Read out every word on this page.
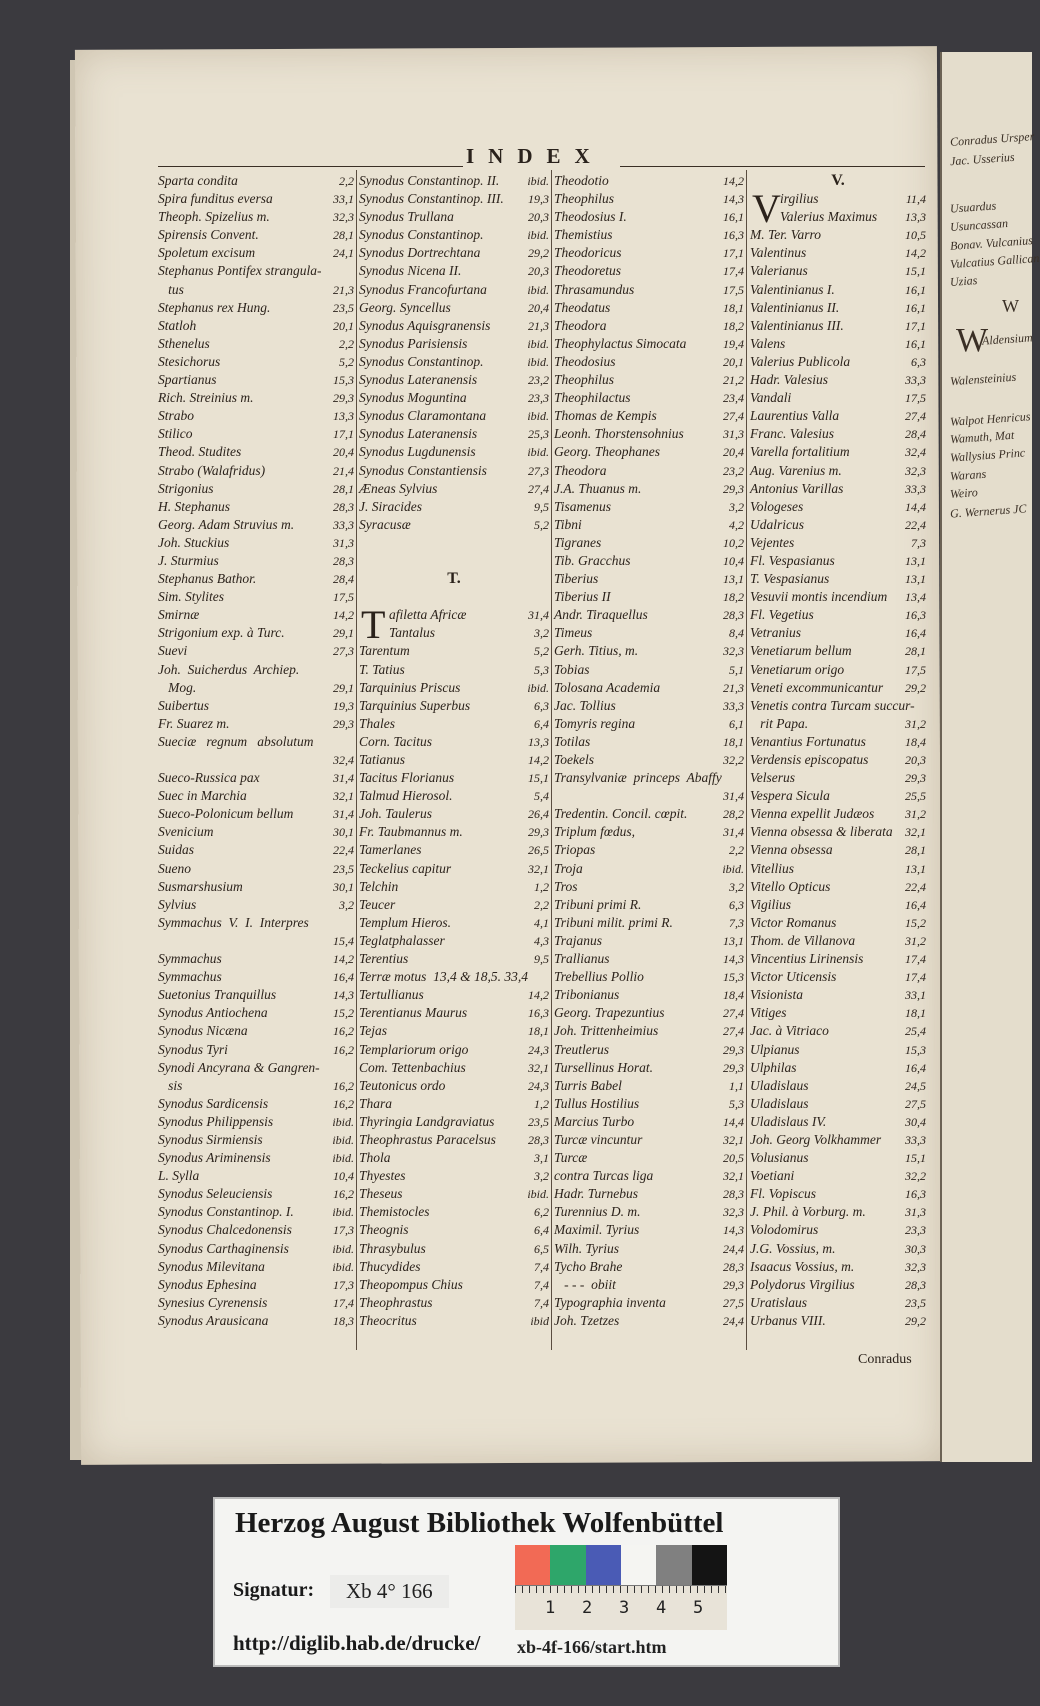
Conradus Ursper
Jac. Usserius
Usuardus
Usuncassan
Bonav. Vulcanius
Vulcatius Gallican
Uzias
W
Aldensium
Walensteinius
Walpot Henricus
Wamuth, Mat
Wallysius Princ
Warans
Weiro
G. Wernerus JC
W
INDEX
Sparta condita	2,2
Spira funditus eversa	33,1
Theoph. Spizelius m.	32,3
Spirensis Convent.	28,1
Spoletum excisum	24,1
Stephanus Pontifex strangula-
tus	21,3
Stephanus rex Hung.	23,5
Statloh	20,1
Sthenelus	2,2
Stesichorus	5,2
Spartianus	15,3
Rich. Streinius m.	29,3
Strabo	13,3
Stilico	17,1
Theod. Studites	20,4
Strabo (Walafridus)	21,4
Strigonius	28,1
H. Stephanus	28,3
Georg. Adam Struvius m.	33,3
Joh. Stuckius	31,3
J. Sturmius	28,3
Stephanus Bathor.	28,4
Sim. Stylites	17,5
Smirnæ	14,2
Strigonium exp. à Turc.	29,1
Suevi	27,3
Joh.  Suicherdus  Archiep.
Mog.	29,1
Suibertus	19,3
Fr. Suarez m.	29,3
Sueciæ   regnum   absolutum
32,4
Sueco-Russica pax	31,4
Suec in Marchia	32,1
Sueco-Polonicum bellum	31,4
Svenicium	30,1
Suidas	22,4
Sueno	23,5
Susmarshusium	30,1
Sylvius	3,2
Symmachus  V.  I.  Interpres
15,4
Symmachus	14,2
Symmachus	16,4
Suetonius Tranquillus	14,3
Synodus Antiochena	15,2
Synodus Nicæna	16,2
Synodus Tyri	16,2
Synodi Ancyrana & Gangren-
sis	16,2
Synodus Sardicensis	16,2
Synodus Philippensis	ibid.
Synodus Sirmiensis	ibid.
Synodus Ariminensis	ibid.
L. Sylla	10,4
Synodus Seleuciensis	16,2
Synodus Constantinop. I.	ibid.
Synodus Chalcedonensis	17,3
Synodus Carthaginensis	ibid.
Synodus Milevitana	ibid.
Synodus Ephesina	17,3
Synesius Cyrenensis	17,4
Synodus Arausicana	18,3
Synodus Constantinop. II. ibid.
Synodus Constantinop. III. 19,3
Synodus Trullana	20,3
Synodus Constantinop.	ibid.
Synodus Dortrechtana	29,2
Synodus Nicena II.	20,3
Synodus Francofurtana	ibid.
Georg. Syncellus	20,4
Synodus Aquisgranensis	21,3
Synodus Parisiensis	ibid.
Synodus Constantinop.	ibid.
Synodus Lateranensis	23,2
Synodus Moguntina	23,3
Synodus Claramontana	ibid.
Synodus Lateranensis	25,3
Synodus Lugdunensis	ibid.
Synodus Constantiensis	27,3
Æneas Sylvius	27,4
J. Siracides	9,5
Syracusæ	5,2
T.
T afiletta Africæ	31,4
Tantalus	3,2
Tarentum	5,2
T. Tatius	5,3
Tarquinius Priscus	ibid.
Tarquinius Superbus	6,3
Thales	6,4
Corn. Tacitus	13,3
Tatianus	14,2
Tacitus Florianus	15,1
Talmud Hierosol.	5,4
Joh. Taulerus	26,4
Fr. Taubmannus m.	29,3
Tamerlanes	26,5
Teckelius capitur	32,1
Telchin	1,2
Teucer	2,2
Templum Hieros.	4,1
Teglatphalasser	4,3
Terentius	9,5
Terræ motus  13,4 & 18,5. 33,4
Tertullianus	14,2
Terentianus Maurus	16,3
Tejas	18,1
Templariorum origo	24,3
Com. Tettenbachius	32,1
Teutonicus ordo	24,3
Thara	1,2
Thyringia Landgraviatus	23,5
Theophrastus Paracelsus	28,3
Thola	3,1
Thyestes	3,2
Theseus	ibid.
Themistocles	6,2
Theognis	6,4
Thrasybulus	6,5
Thucydides	7,4
Theopompus Chius	7,4
Theophrastus	7,4
Theocritus	ibid
Theodotio	14,2
Theophilus	14,3
Theodosius I.	16,1
Themistius	16,3
Theodoricus	17,1
Theodoretus	17,4
Thrasamundus	17,5
Theodatus	18,1
Theodora	18,2
Theophylactus Simocata	19,4
Theodosius	20,1
Theophilus	21,2
Theophilactus	23,4
Thomas de Kempis	27,4
Leonh. Thorstensohnius	31,3
Georg. Theophanes	20,4
Theodora	23,2
J.A. Thuanus m.	29,3
Tisamenus	3,2
Tibni	4,2
Tigranes	10,2
Tib. Gracchus	10,4
Tiberius	13,1
Tiberius II	18,2
Andr. Tiraquellus	28,3
Timeus	8,4
Gerh. Titius, m.	32,3
Tobias	5,1
Tolosana Academia	21,3
Jac. Tollius	33,3
Tomyris regina	6,1
Totilas	18,1
Toekels	32,2
Transylvaniæ  princeps  Abaffy
31,4
Tredentin. Concil. cœpit.	28,2
Triplum fœdus,	31,4
Triopas	2,2
Troja	ibid.
Tros	3,2
Tribuni primi R.	6,3
Tribuni milit. primi R.	7,3
Trajanus	13,1
Trallianus	14,3
Trebellius Pollio	15,3
Tribonianus	18,4
Georg. Trapezuntius	27,4
Joh. Trittenheimius	27,4
Treutlerus	29,3
Tursellinus Horat.	29,3
Turris Babel	1,1
Tullus Hostilius	5,3
Marcius Turbo	14,4
Turcæ vincuntur	32,1
Turcæ	20,5
contra Turcas liga	32,1
Hadr. Turnebus	28,3
Turennius D. m.	32,3
Maximil. Tyrius	14,3
Wilh. Tyrius	24,4
Tycho Brahe	28,3
- - -  obiit	29,3
Typographia inventa	27,5
Joh. Tzetzes	24,4
V.
V irgilius	11,4
Valerius Maximus 13,3
M. Ter. Varro	10,5
Valentinus	14,2
Valerianus	15,1
Valentinianus I.	16,1
Valentinianus II.	16,1
Valentinianus III.	17,1
Valens	16,1
Valerius Publicola	6,3
Hadr. Valesius	33,3
Vandali	17,5
Laurentius Valla	27,4
Franc. Valesius	28,4
Varella fortalitium	32,4
Aug. Varenius m.	32,3
Antonius Varillas	33,3
Vologeses	14,4
Udalricus	22,4
Vejentes	7,3
Fl. Vespasianus	13,1
T. Vespasianus	13,1
Vesuvii montis incendium 13,4
Fl. Vegetius	16,3
Vetranius	16,4
Venetiarum bellum	28,1
Venetiarum origo	17,5
Veneti excommunicantur 29,2
Venetis contra Turcam succur-
rit Papa.	31,2
Venantius Fortunatus	18,4
Verdensis episcopatus	20,3
Velserus	29,3
Vespera Sicula	25,5
Vienna expellit Judæos	31,2
Vienna obsessa & liberata 32,1
Vienna obsessa	28,1
Vitellius	13,1
Vitello Opticus	22,4
Vigilius	16,4
Victor Romanus	15,2
Thom. de Villanova	31,2
Vincentius Lirinensis	17,4
Victor Uticensis	17,4
Visionista	33,1
Vitiges	18,1
Jac. à Vitriaco	25,4
Ulpianus	15,3
Ulphilas	16,4
Uladislaus	24,5
Uladislaus	27,5
Uladislaus IV.	30,4
Joh. Georg Volkhammer 33,3
Volusianus	15,1
Voetiani	32,2
Fl. Vopiscus	16,3
J. Phil. à Vorburg. m.	31,3
Volodomirus	23,3
J.G. Vossius, m.	30,3
Isaacus Vossius, m.	32,3
Polydorus Virgilius	28,3
Uratislaus	23,5
Urbanus VIII.	29,2
Conradus
Herzog August Bibliothek Wolfenbüttel
Signatur:	Xb 4° 166
1 2 3 4 5
http://diglib.hab.de/drucke/ xb-4f-166/start.htm
